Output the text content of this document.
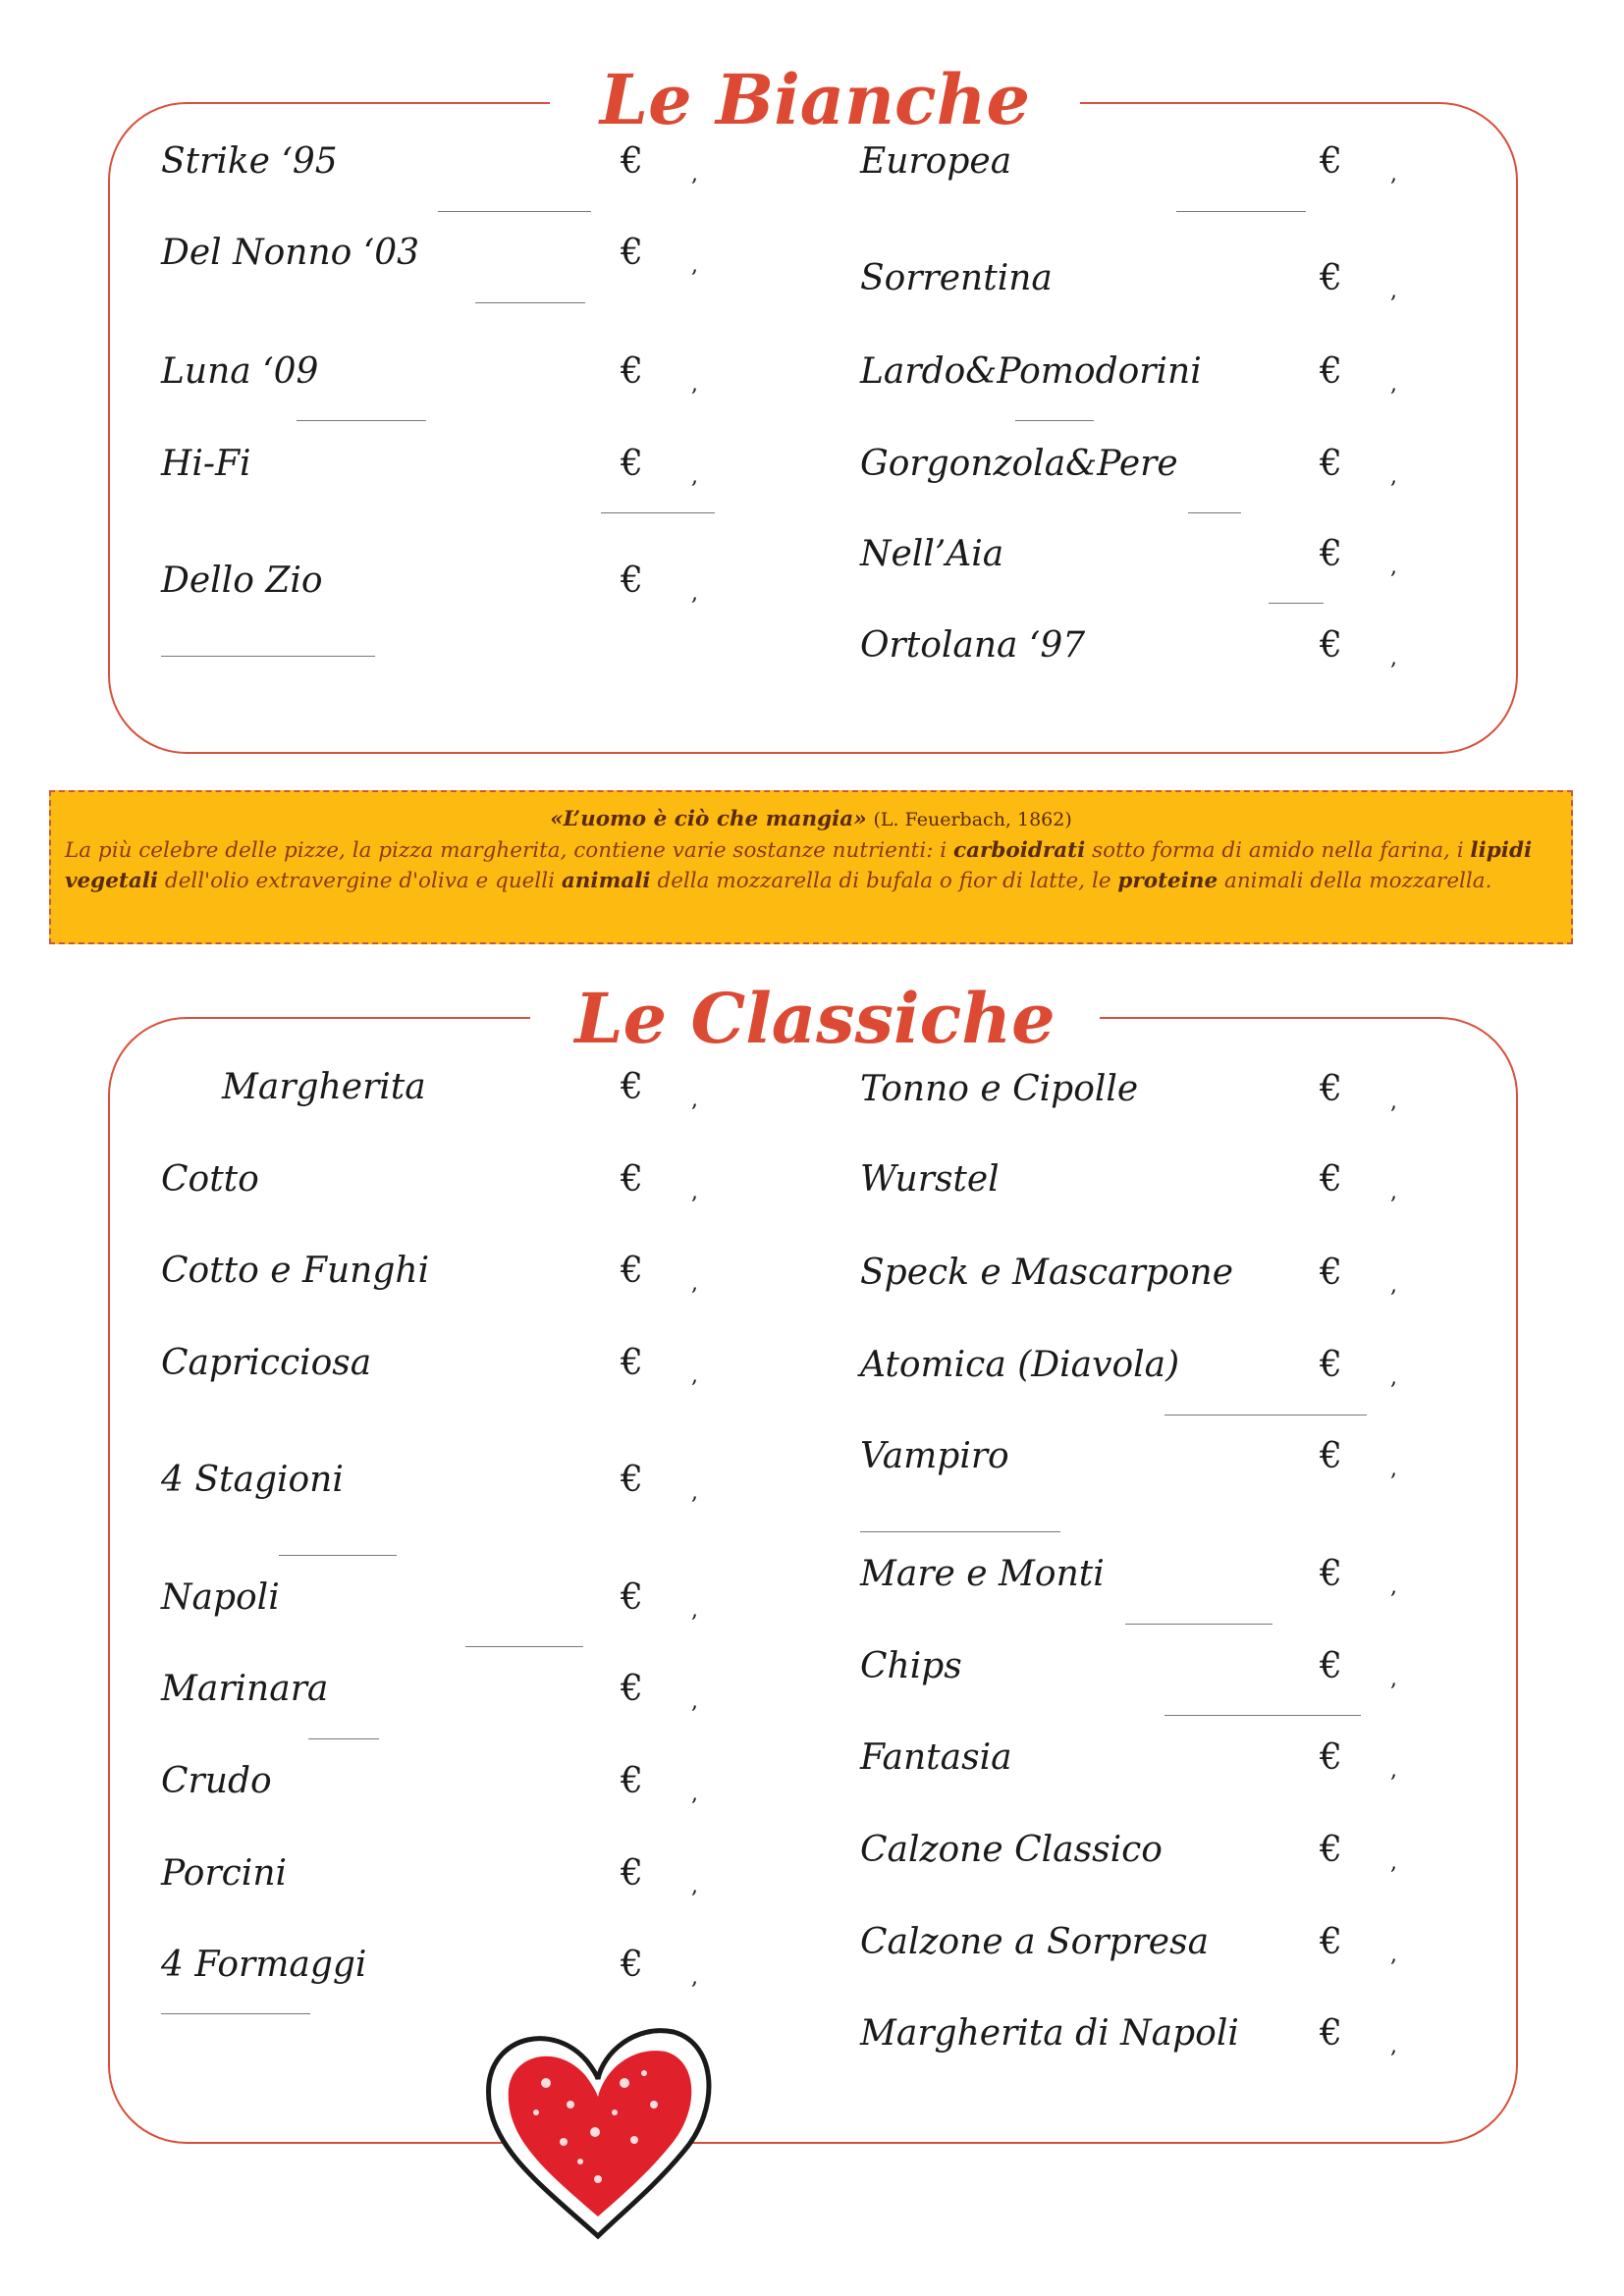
Le Bianche
Strike ‘95
Del Nonno ‘03
Luna ‘09
Hi-Fi
Dello Zio
€
€
€
€
€
,
,
,
,
,
Europea
Sorrentina
Lardo&Pomodorini
Gorgonzola&Pere
Nell’Aia
Ortolana ‘97
€
€
€
€
€
€
,
,
,
,
,
,
«L’uomo è ciò che mangia» (L. Feuerbach, 1862)
La più celebre delle pizze, la pizza margherita, contiene varie sostanze nutrienti: i carboidrati sotto forma di amido nella farina, i lipidi vegetali dell'olio extravergine d'oliva e quelli animali della mozzarella di bufala o fior di latte, le proteine animali della mozzarella.
Le Classiche
Margherita
Cotto
Cotto e Funghi
Capricciosa
4 Stagioni
Napoli
Marinara
Crudo
Porcini
4 Formaggi
€
€
€
€
€
€
€
€
€
€
,
,
,
,
,
,
,
,
,
,
Tonno e Cipolle
Wurstel
Speck e Mascarpone
Atomica (Diavola)
Vampiro
Mare e Monti
Chips
Fantasia
Calzone Classico
Calzone a Sorpresa
Margherita di Napoli
€
€
€
€
€
€
€
€
€
€
€
,
,
,
,
,
,
,
,
,
,
,
